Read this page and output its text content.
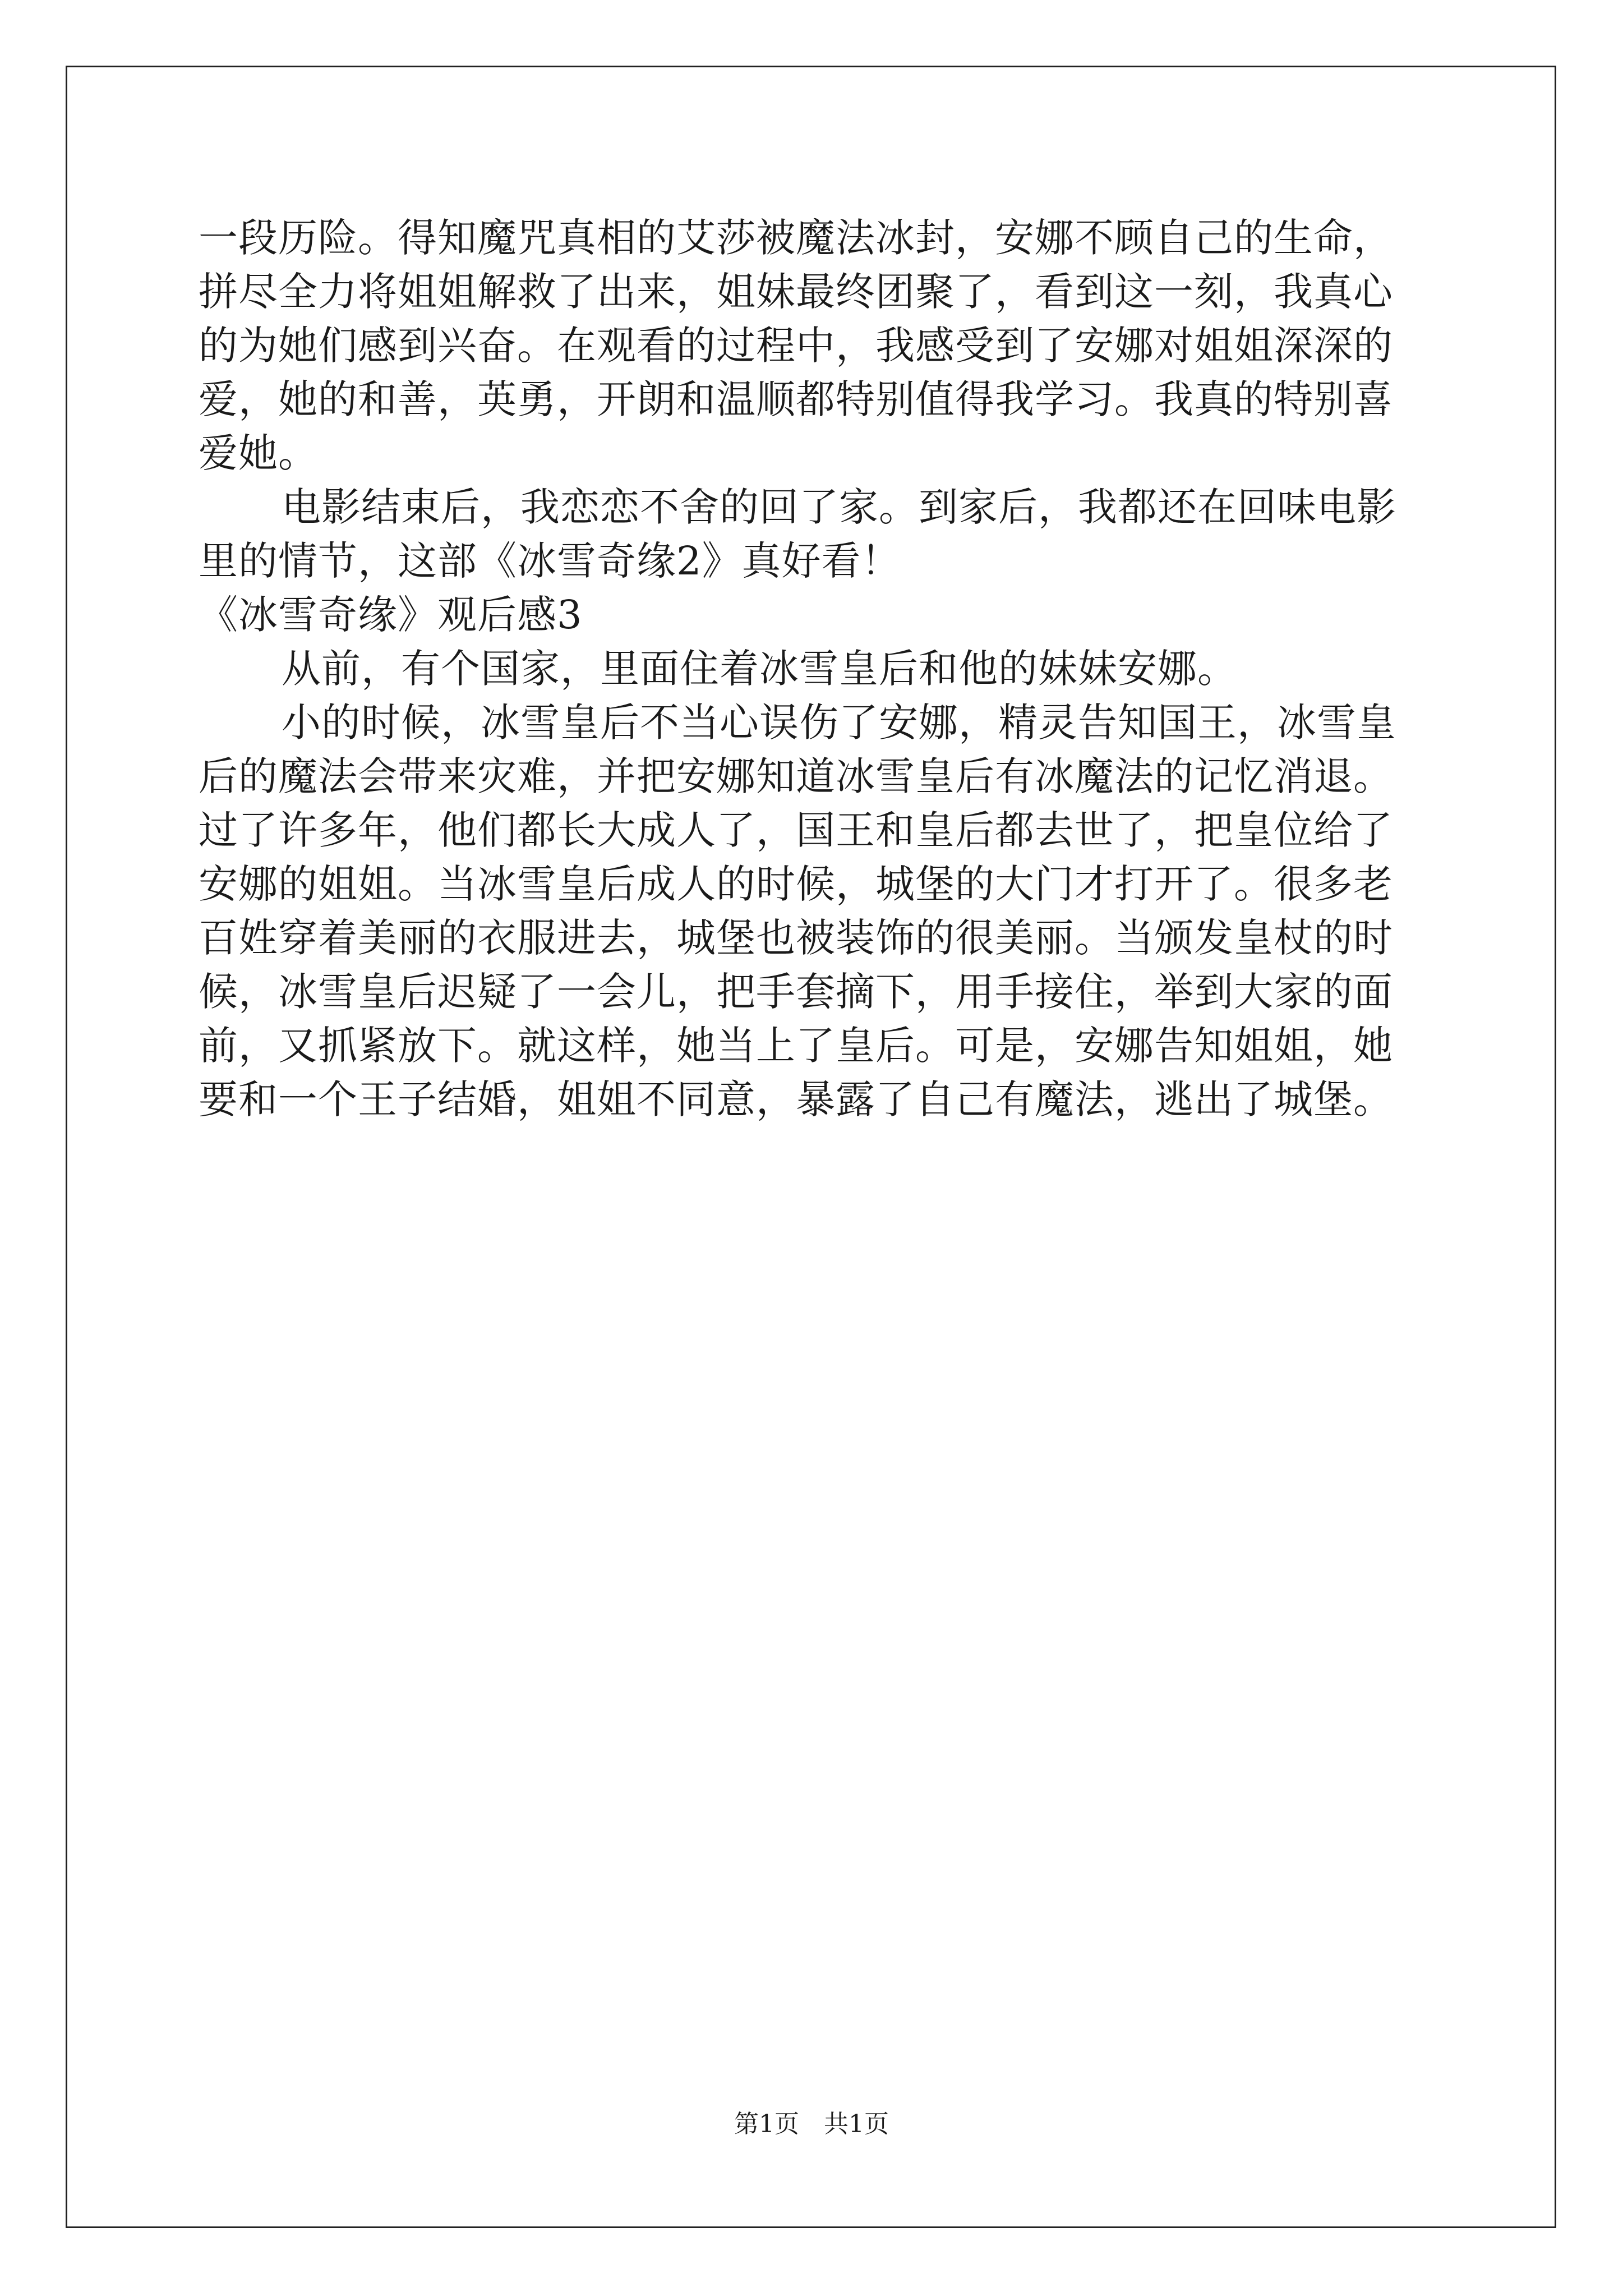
一段历险。得知魔咒真相的艾莎被魔法冰封，安娜不顾自己的生命，
拼尽全力将姐姐解救了出来，姐妹最终团聚了，看到这一刻，我真心
的为她们感到兴奋。在观看的过程中，我感受到了安娜对姐姐深深的
爱，她的和善，英勇，开朗和温顺都特别值得我学习。我真的特别喜
爱她。
电影结束后，我恋恋不舍的回了家。到家后，我都还在回味电影
里的情节，这部《冰雪奇缘2》真好看！
《冰雪奇缘》观后感3
从前，有个国家，里面住着冰雪皇后和他的妹妹安娜。
小的时候，冰雪皇后不当心误伤了安娜，精灵告知国王，冰雪皇
后的魔法会带来灾难，并把安娜知道冰雪皇后有冰魔法的记忆消退。
过了许多年，他们都长大成人了，国王和皇后都去世了，把皇位给了
安娜的姐姐。当冰雪皇后成人的时候，城堡的大门才打开了。很多老
百姓穿着美丽的衣服进去，城堡也被装饰的很美丽。当颁发皇杖的时
候，冰雪皇后迟疑了一会儿，把手套摘下，用手接住，举到大家的面
前，又抓紧放下。就这样，她当上了皇后。可是，安娜告知姐姐，她
要和一个王子结婚，姐姐不同意，暴露了自己有魔法，逃出了城堡。
第1页　共1页
